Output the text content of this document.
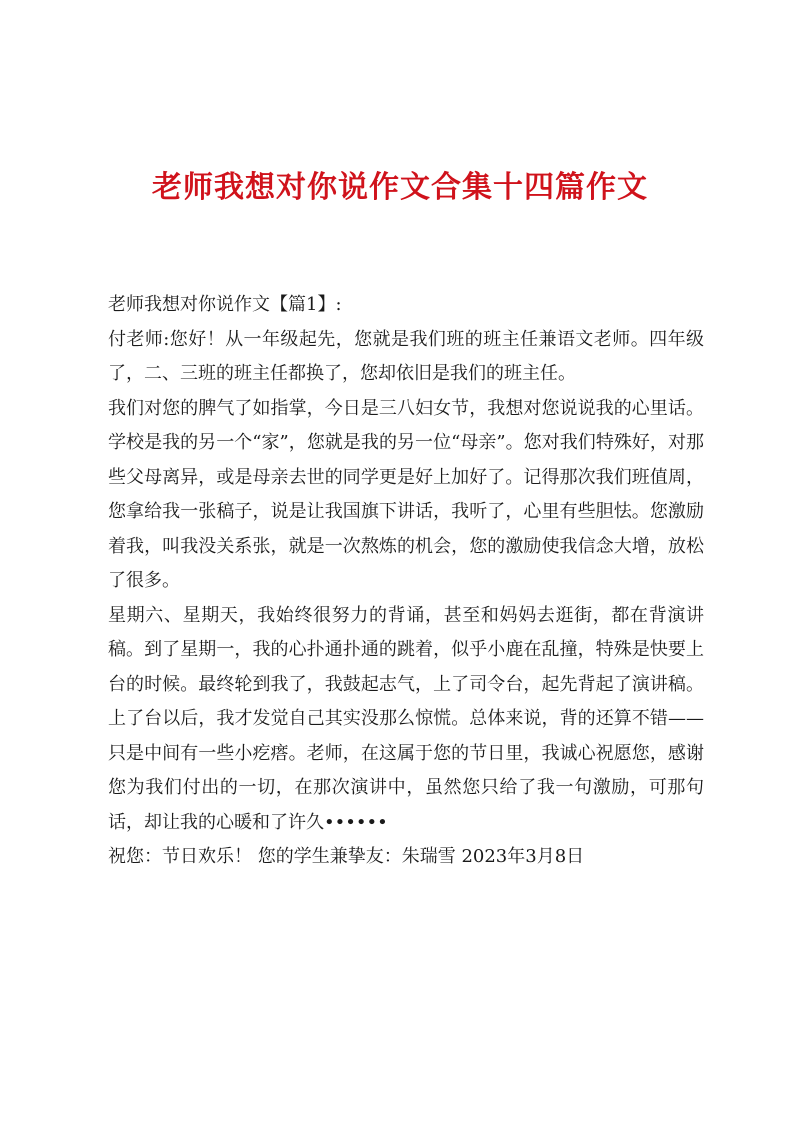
老师我想对你说作文合集十四篇作文

老师我想对你说作文【篇1】:

付老师:您好！从一年级起先，您就是我们班的班主任兼语文老师。四年级了，二、三班的班主任都换了，您却依旧是我们的班主任。

我们对您的脾气了如指掌，今日是三八妇女节，我想对您说说我的心里话。学校是我的另一个“家”，您就是我的另一位“母亲”。您对我们特殊好，对那些父母离异，或是母亲去世的同学更是好上加好了。记得那次我们班值周，您拿给我一张稿子，说是让我国旗下讲话，我听了，心里有些胆怯。您激励着我，叫我没关系张，就是一次熬炼的机会，您的激励使我信念大增，放松了很多。

星期六、星期天，我始终很努力的背诵，甚至和妈妈去逛街，都在背演讲稿。到了星期一，我的心扑通扑通的跳着，似乎小鹿在乱撞，特殊是快要上台的时候。最终轮到我了，我鼓起志气，上了司令台，起先背起了演讲稿。上了台以后，我才发觉自己其实没那么惊慌。总体来说，背的还算不错——只是中间有一些小疙瘩。老师，在这属于您的节日里，我诚心祝愿您，感谢您为我们付出的一切，在那次演讲中，虽然您只给了我一句激励，可那句话，却让我的心暖和了许久••••••

祝您：节日欢乐！ 您的学生兼挚友：朱瑞雪 2023年3月8日
